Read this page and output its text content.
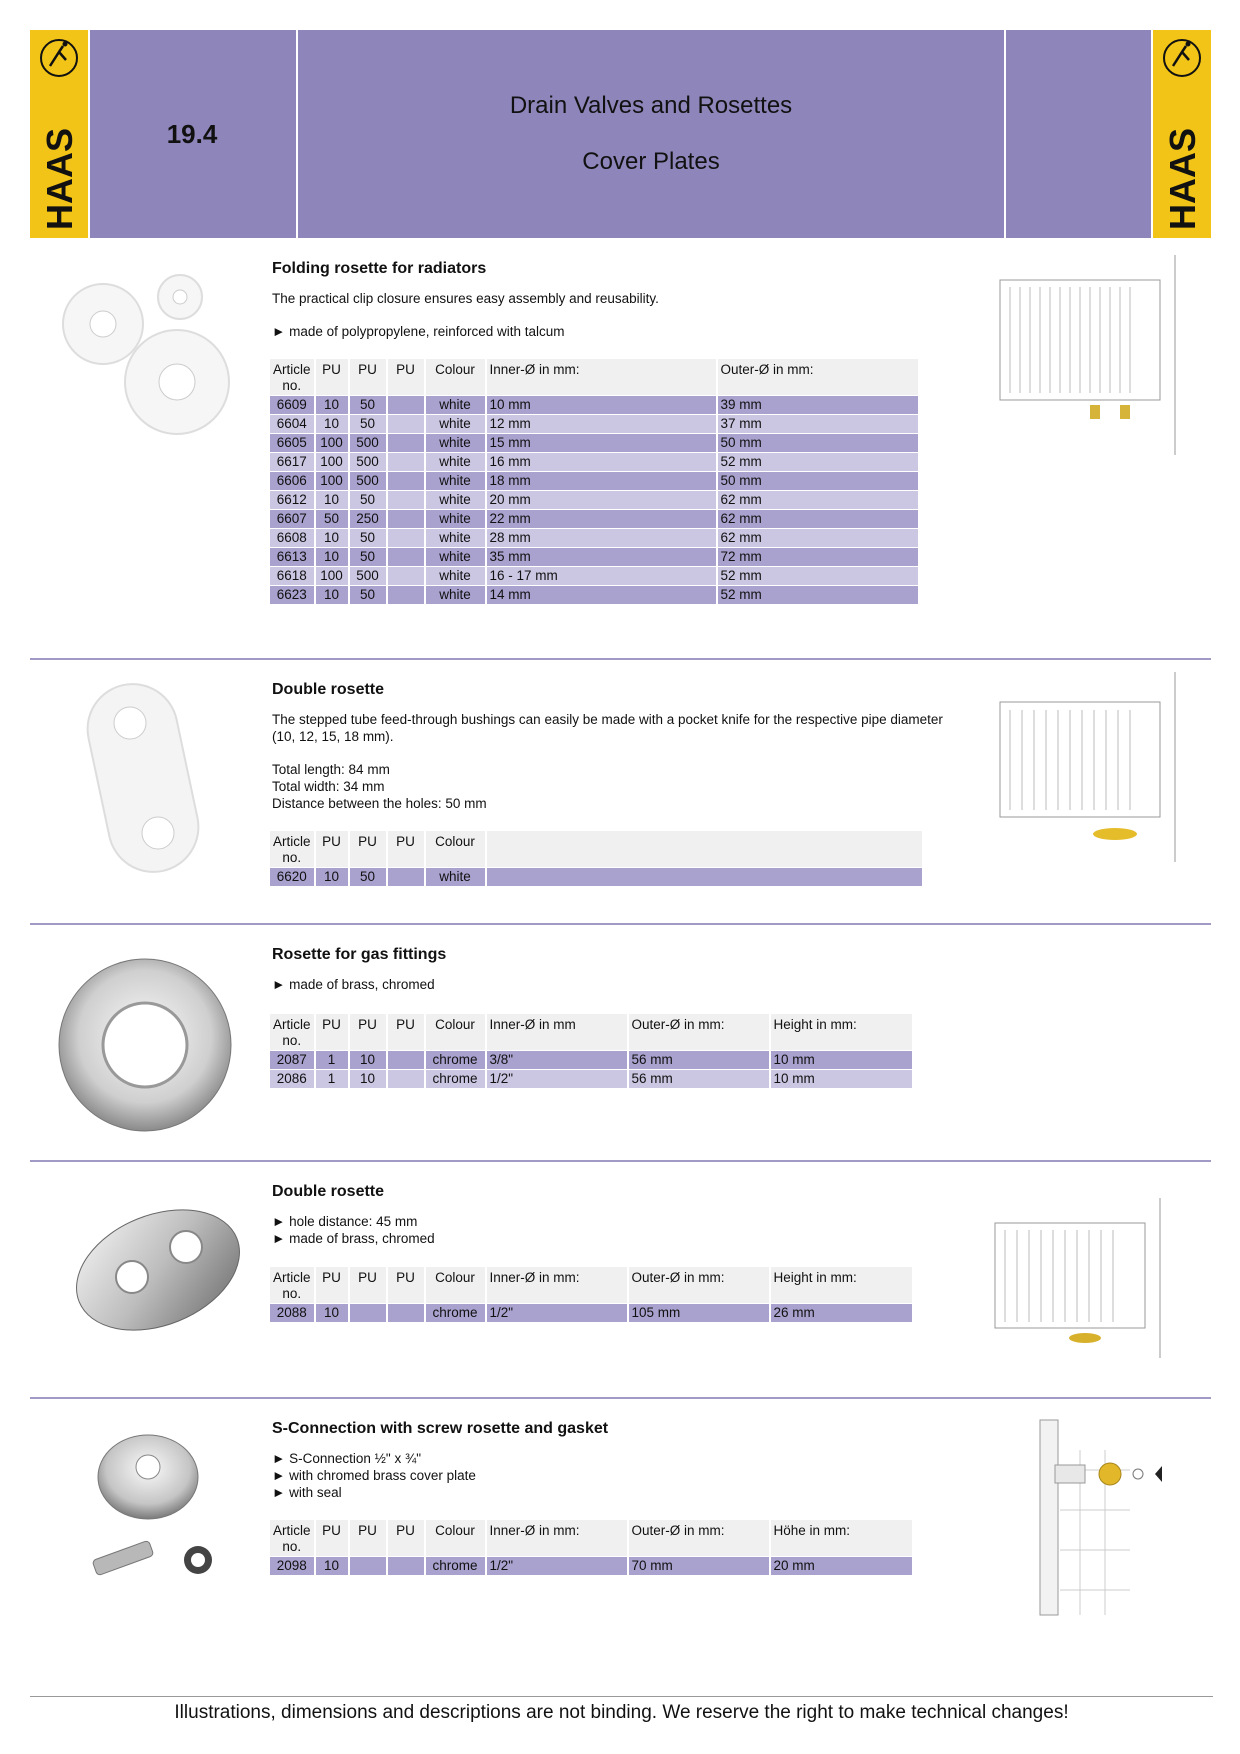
HAAS	19.4
Drain Valves and Rosettes
Cover Plates	HAAS
Folding rosette for radiators
The practical clip closure ensures easy assembly and reusability.
► made of polypropylene, reinforced with talcum
Article no.	PU	PU	PU	Colour	Inner-Ø in mm:	Outer-Ø in mm:
6609	10	50		white	10 mm	39 mm
6604	10	50		white	12 mm	37 mm
6605	100	500		white	15 mm	50 mm
6617	100	500		white	16 mm	52 mm
6606	100	500		white	18 mm	50 mm
6612	10	50		white	20 mm	62 mm
6607	50	250		white	22 mm	62 mm
6608	10	50		white	28 mm	62 mm
6613	10	50		white	35 mm	72 mm
6618	100	500		white	16 - 17 mm	52 mm
6623	10	50		white	14 mm	52 mm
Double rosette
The stepped tube feed-through bushings can easily be made with a pocket knife for the respective pipe diameter (10, 12, 15, 18 mm).
Total length: 84 mm
Total width: 34 mm
Distance between the holes: 50 mm
Article no.	PU	PU	PU	Colour	
6620	10	50		white	
Rosette for gas fittings
► made of brass, chromed
Article no.	PU	PU	PU	Colour	Inner-Ø in mm	Outer-Ø in mm:	Height in mm:
2087	1	10		chrome	3/8"	56 mm	10 mm
2086	1	10		chrome	1/2"	56 mm	10 mm
Double rosette
► hole distance: 45 mm
► made of brass, chromed
Article no.	PU	PU	PU	Colour	Inner-Ø in mm:	Outer-Ø in mm:	Height in mm:
2088	10			chrome	1/2"	105 mm	26 mm
S-Connection with screw rosette and gasket
► S-Connection ½" x ¾"
► with chromed brass cover plate
► with seal
Article no.	PU	PU	PU	Colour	Inner-Ø in mm:	Outer-Ø in mm:	Höhe in mm:
2098	10			chrome	1/2"	70 mm	20 mm
Illustrations, dimensions and descriptions are not binding. We reserve the right to make technical changes!
